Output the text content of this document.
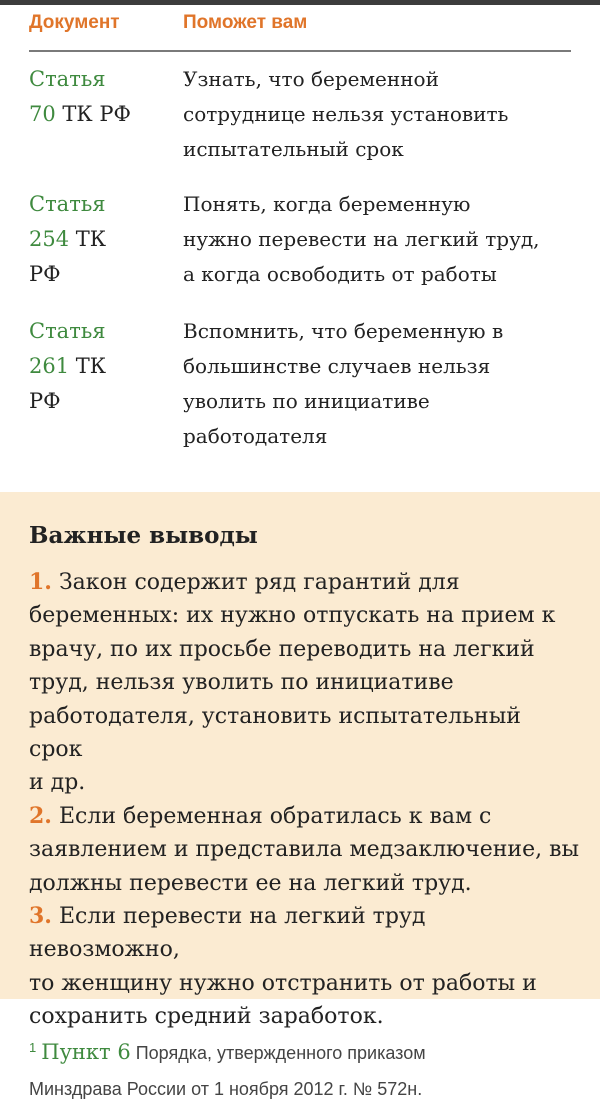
Документ	Поможет вам
Статья
70 ТК РФ
Узнать, что беременной
сотруднице нельзя установить
испытательный срок
Статья
254 ТК
РФ
Понять, когда беременную
нужно перевести на легкий труд,
а когда освободить от работы
Статья
261 ТК
РФ
Вспомнить, что беременную в
большинстве случаев нельзя
уволить по инициативе
работодателя
Важные выводы
1. Закон содержит ряд гарантий для
беременных: их нужно отпускать на прием к
врачу, по их просьбе переводить на легкий
труд, нельзя уволить по инициативе
работодателя, установить испытательный срок
и др.
2. Если беременная обратилась к вам с
заявлением и представила медзаключение, вы
должны перевести ее на легкий труд.
3. Если перевести на легкий труд невозможно,
то женщину нужно отстранить от работы и
сохранить средний заработок.
$^1$ Пункт 6 Порядка, утвержденного приказом
Минздрава России от 1 ноября 2012 г. № 572н.
